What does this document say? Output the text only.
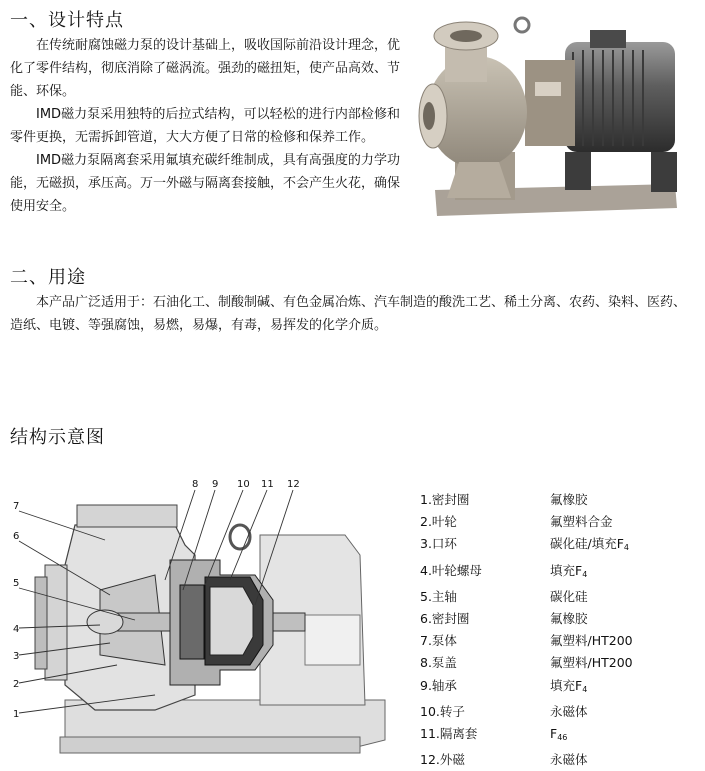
一、设计特点

在传统耐腐蚀磁力泵的设计基础上，吸收国际前沿设计理念，优化了零件结构，彻底消除了磁涡流。强劲的磁扭矩，使产品高效、节能、环保。

IMD磁力泵采用独特的后拉式结构，可以轻松的进行内部检修和零件更换，无需拆卸管道，大大方便了日常的检修和保养工作。

IMD磁力泵隔离套采用氟填充碳纤维制成，具有高强度的力学功能，无磁损，承压高。万一外磁与隔离套接触，不会产生火花，确保使用安全。

二、用途

本产品广泛适用于：石油化工、制酸制碱、有色金属冶炼、汽车制造的酸洗工艺、稀土分离、农药、染料、医药、造纸、电镀、等强腐蚀，易燃，易爆，有毒，易挥发的化学介质。

结构示意图
7
6
5
4
3
2
1
8 9 10 11 12
1.密封圈	氟橡胶
2.叶轮	氟塑料合金
3.口环	碳化硅/填充$F_4$
4.叶轮螺母	填充$F_4$
5.主轴	碳化硅
6.密封圈	氟橡胶
7.泵体	氟塑料/HT200
8.泵盖	氟塑料/HT200
9.轴承	填充$F_4$
10.转子	永磁体
11.隔离套	$F_{46}$
12.外磁	永磁体
